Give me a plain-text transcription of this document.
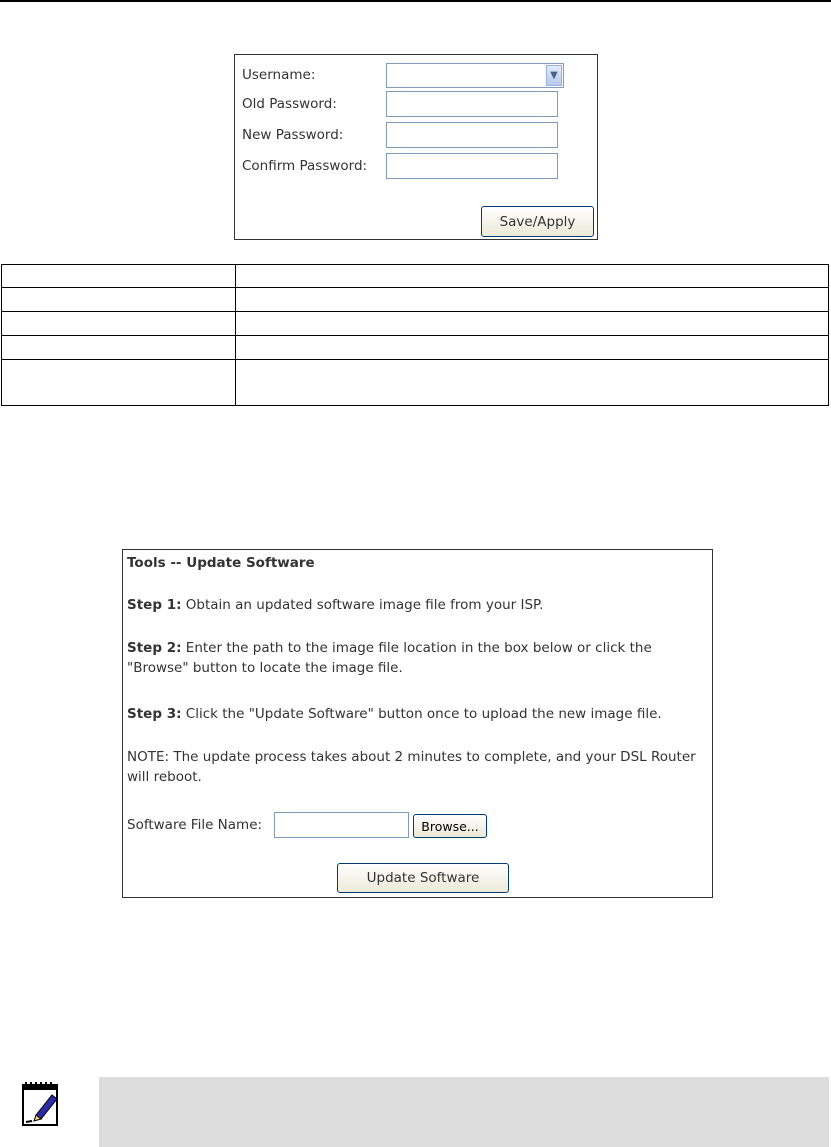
Username:	▼
Old Password:
New Password:
Confirm Password:
Save/Apply

Tools -- Update Software
Step 1: Obtain an updated software image file from your ISP.
Step 2: Enter the path to the image file location in the box below or click the
"Browse" button to locate the image file.
Step 3: Click the "Update Software" button once to upload the new image file.
NOTE: The update process takes about 2 minutes to complete, and your DSL Router
will reboot.
Software File Name:	Browse...
Update Software
